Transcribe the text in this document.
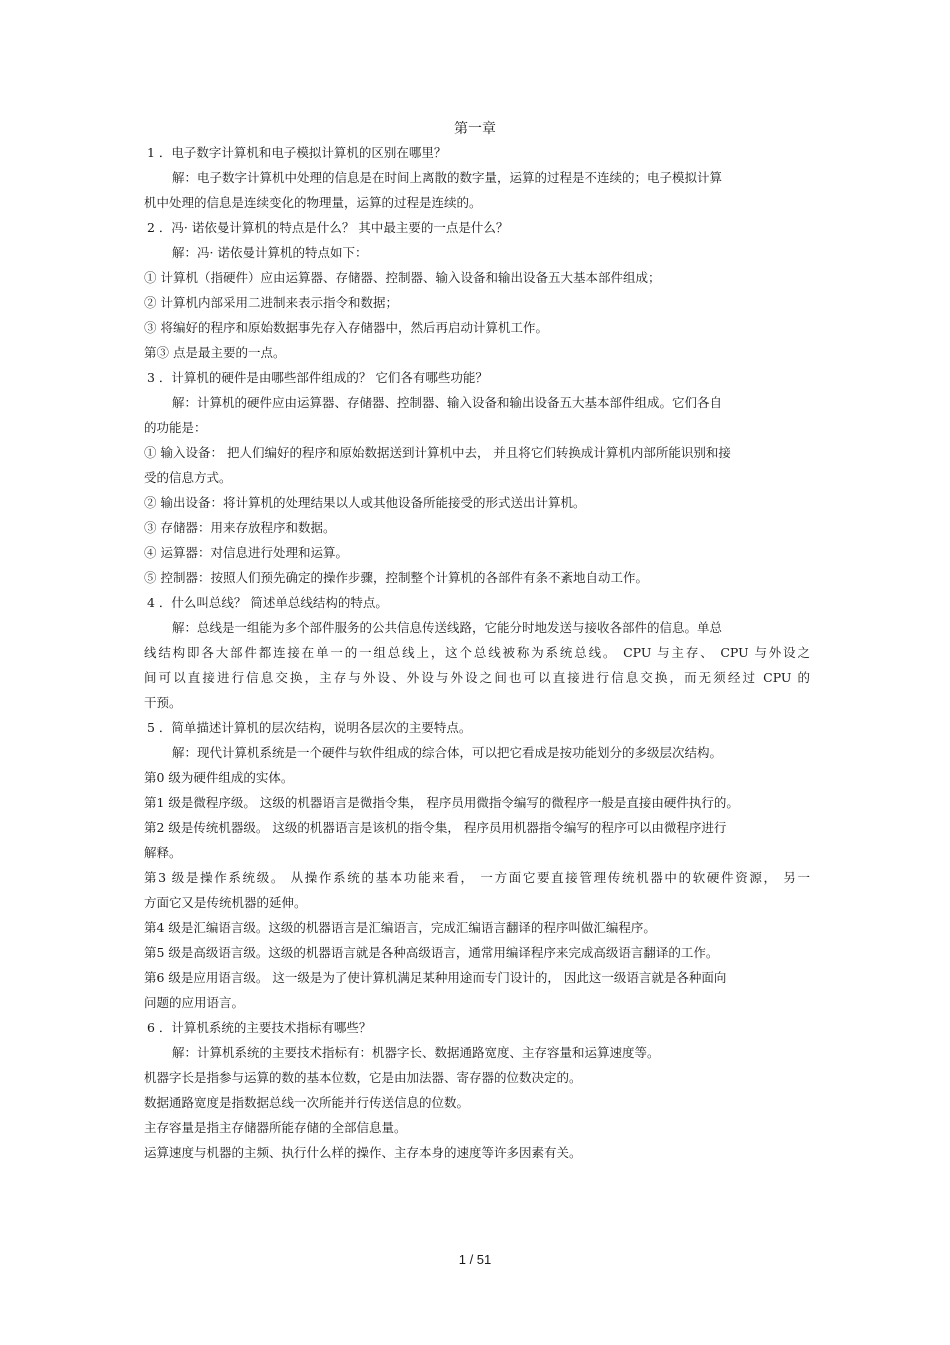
第一章
1 ．电子数字计算机和电子模拟计算机的区别在哪里？
解：电子数字计算机中处理的信息是在时间上离散的数字量，运算的过程是不连续的；电子模拟计算
机中处理的信息是连续变化的物理量，运算的过程是连续的。
2 ．冯· 诺依曼计算机的特点是什么？ 其中最主要的一点是什么？
解：冯· 诺依曼计算机的特点如下：
① 计算机（指硬件）应由运算器、存储器、控制器、输入设备和输出设备五大基本部件组成；
② 计算机内部采用二进制来表示指令和数据；
③ 将编好的程序和原始数据事先存入存储器中，然后再启动计算机工作。
第③ 点是最主要的一点。
3 ．计算机的硬件是由哪些部件组成的？ 它们各有哪些功能？
解：计算机的硬件应由运算器、存储器、控制器、输入设备和输出设备五大基本部件组成。它们各自
的功能是：
① 输入设备： 把人们编好的程序和原始数据送到计算机中去， 并且将它们转换成计算机内部所能识别和接
受的信息方式。
② 输出设备：将计算机的处理结果以人或其他设备所能接受的形式送出计算机。
③ 存储器：用来存放程序和数据。
④ 运算器：对信息进行处理和运算。
⑤ 控制器：按照人们预先确定的操作步骤，控制整个计算机的各部件有条不紊地自动工作。
4 ．什么叫总线？ 简述单总线结构的特点。
解：总线是一组能为多个部件服务的公共信息传送线路，它能分时地发送与接收各部件的信息。单总
线结构即各大部件都连接在单一的一组总线上，这个总线被称为系统总线。 CPU 与主存、 CPU 与外设之
间可以直接进行信息交换，主存与外设、外设与外设之间也可以直接进行信息交换，而无须经过 CPU 的
干预。
5 ．简单描述计算机的层次结构，说明各层次的主要特点。
解：现代计算机系统是一个硬件与软件组成的综合体，可以把它看成是按功能划分的多级层次结构。
第0 级为硬件组成的实体。
第1 级是微程序级。 这级的机器语言是微指令集， 程序员用微指令编写的微程序一般是直接由硬件执行的。
第2 级是传统机器级。 这级的机器语言是该机的指令集， 程序员用机器指令编写的程序可以由微程序进行
解释。
第3 级是操作系统级。 从操作系统的基本功能来看， 一方面它要直接管理传统机器中的软硬件资源， 另一
方面它又是传统机器的延伸。
第4 级是汇编语言级。这级的机器语言是汇编语言，完成汇编语言翻译的程序叫做汇编程序。
第5 级是高级语言级。这级的机器语言就是各种高级语言，通常用编译程序来完成高级语言翻译的工作。
第6 级是应用语言级。 这一级是为了使计算机满足某种用途而专门设计的， 因此这一级语言就是各种面向
问题的应用语言。
6 ．计算机系统的主要技术指标有哪些？
解：计算机系统的主要技术指标有：机器字长、数据通路宽度、主存容量和运算速度等。
机器字长是指参与运算的数的基本位数，它是由加法器、寄存器的位数决定的。
数据通路宽度是指数据总线一次所能并行传送信息的位数。
主存容量是指主存储器所能存储的全部信息量。
运算速度与机器的主频、执行什么样的操作、主存本身的速度等许多因素有关。
1 / 51
